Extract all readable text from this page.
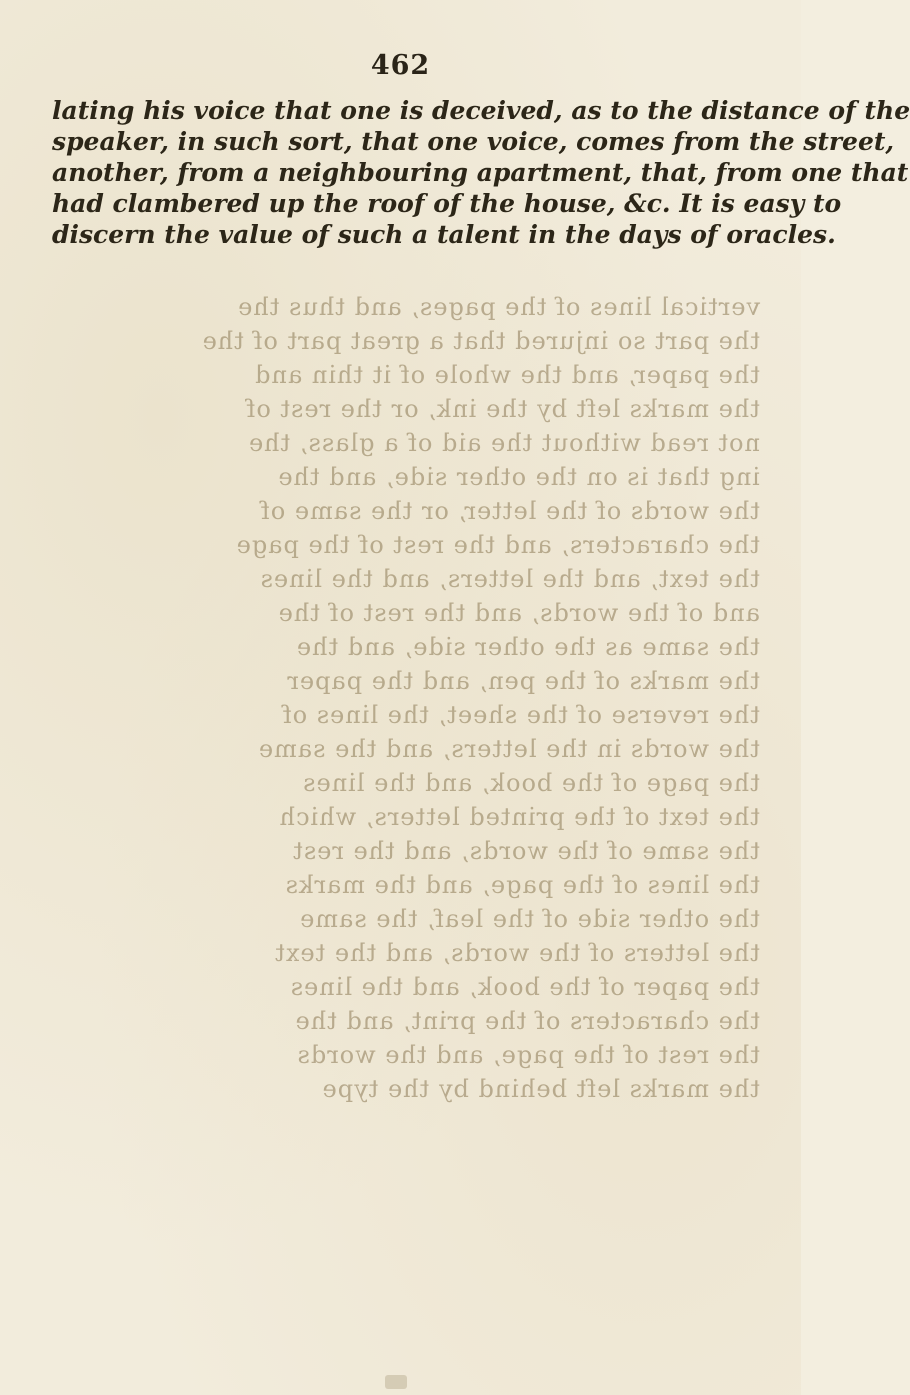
vertical lines of the pages, and thus the
the part so injured that a great part of the
the paper, and the whole of it thin and
the marks left by the ink, or the rest of
not read without the aid of a glass, the
ing that is on the other side, and the
the words of the letter, or the same of
the characters, and the rest of the page
the text, and the letters, and the lines
and of the words, and the rest of the
the same as the other side, and the
the marks of the pen, and the paper
the reverse of the sheet, the lines of
the words in the letters, and the same
the page of the book, and the lines
the text of the printed letters, which
the same of the words, and the rest
the lines of the page, and the marks
the other side of the leaf, the same
the letters of the words, and the text
the paper of the book, and the lines
the characters of the print, and the
the rest of the page, and the words
the marks left behind by the type
462
lating his voice that one is deceived, as to the distance of the
speaker, in such sort, that one voice, comes from the street,
another, from a neighbouring apartment, that, from one that
had clambered up the roof of the house, &c. It is easy to
discern the value of such a talent in the days of oracles.
